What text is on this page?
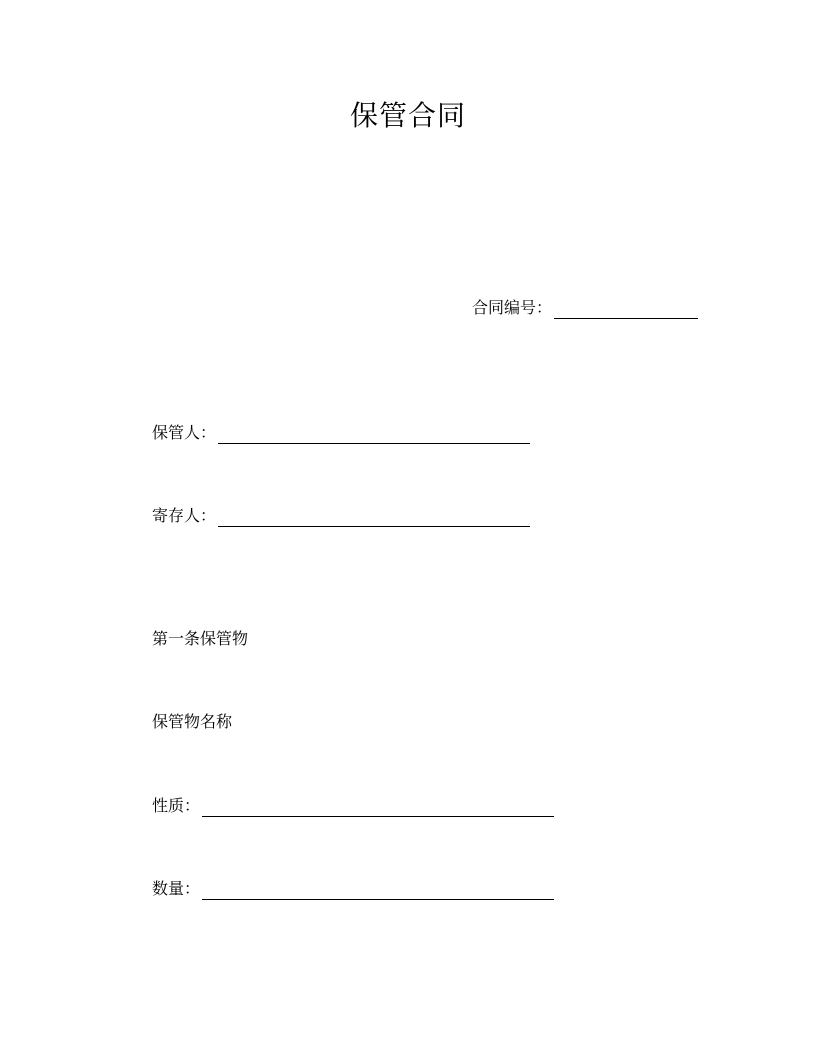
保管合同
合同编号：
保管人：
寄存人：
第一条保管物
保管物名称
性质：
数量：
